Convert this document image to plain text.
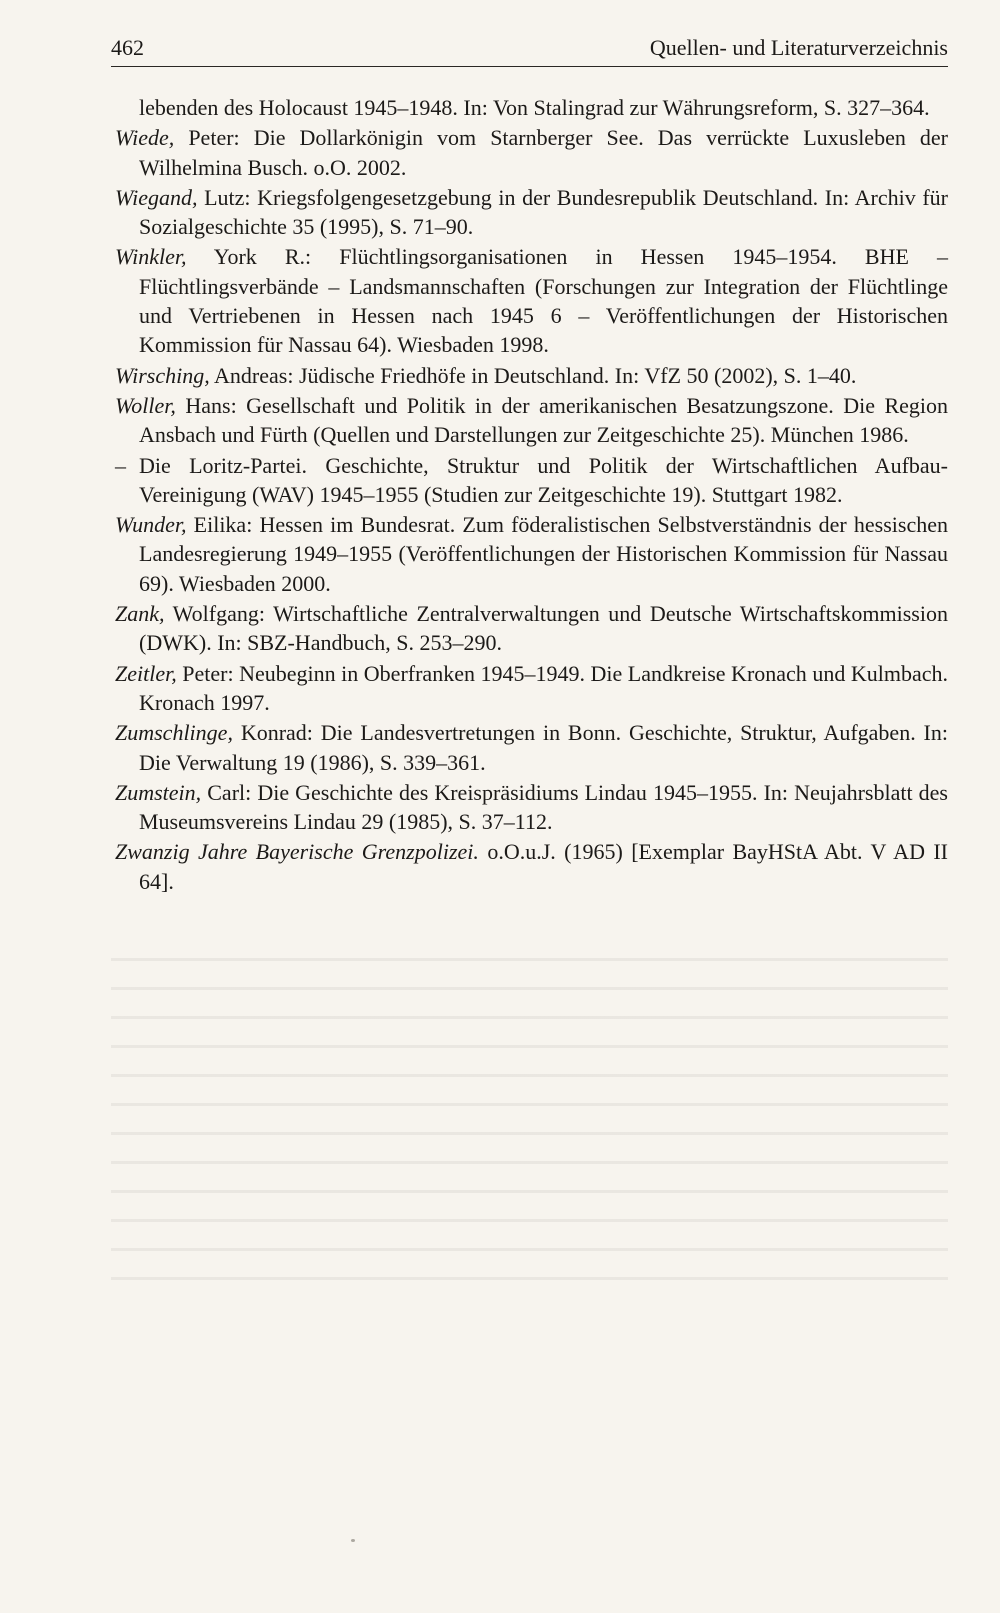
462	Quellen- und Literaturverzeichnis

lebenden des Holocaust 1945–1948. In: Von Stalingrad zur Währungsreform, S. 327–364.

Wiede, Peter: Die Dollarkönigin vom Starnberger See. Das verrückte Luxusleben der Wilhelmina Busch. o.O. 2002.

Wiegand, Lutz: Kriegsfolgengesetzgebung in der Bundesrepublik Deutschland. In: Archiv für Sozialgeschichte 35 (1995), S. 71–90.

Winkler, York R.: Flüchtlingsorganisationen in Hessen 1945–1954. BHE – Flüchtlingsverbände – Landsmannschaften (Forschungen zur Integration der Flüchtlinge und Vertriebenen in Hessen nach 1945 6 – Veröffentlichungen der Historischen Kommission für Nassau 64). Wiesbaden 1998.

Wirsching, Andreas: Jüdische Friedhöfe in Deutschland. In: VfZ 50 (2002), S. 1–40.

Woller, Hans: Gesellschaft und Politik in der amerikanischen Besatzungszone. Die Region Ansbach und Fürth (Quellen und Darstellungen zur Zeitgeschichte 25). München 1986.

– Die Loritz-Partei. Geschichte, Struktur und Politik der Wirtschaftlichen Aufbau-Vereinigung (WAV) 1945–1955 (Studien zur Zeitgeschichte 19). Stuttgart 1982.

Wunder, Eilika: Hessen im Bundesrat. Zum föderalistischen Selbstverständnis der hessischen Landesregierung 1949–1955 (Veröffentlichungen der Historischen Kommission für Nassau 69). Wiesbaden 2000.

Zank, Wolfgang: Wirtschaftliche Zentralverwaltungen und Deutsche Wirtschaftskommission (DWK). In: SBZ-Handbuch, S. 253–290.

Zeitler, Peter: Neubeginn in Oberfranken 1945–1949. Die Landkreise Kronach und Kulmbach. Kronach 1997.

Zumschlinge, Konrad: Die Landesvertretungen in Bonn. Geschichte, Struktur, Aufgaben. In: Die Verwaltung 19 (1986), S. 339–361.

Zumstein, Carl: Die Geschichte des Kreispräsidiums Lindau 1945–1955. In: Neujahrsblatt des Museumsvereins Lindau 29 (1985), S. 37–112.

Zwanzig Jahre Bayerische Grenzpolizei. o.O.u.J. (1965) [Exemplar BayHStA Abt. V AD II 64].
